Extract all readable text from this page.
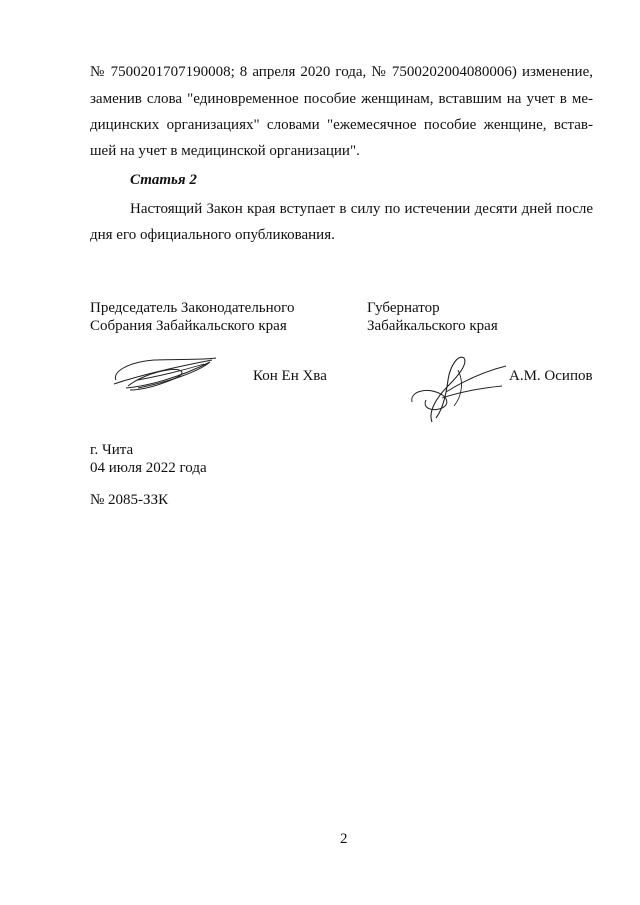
№ 7500201707190008; 8 апреля 2020 года, № 7500202004080006) изменение,
заменив слова "единовременное пособие женщинам, вставшим на учет в ме-
дицинских организациях" словами "ежемесячное пособие женщине, встав-
шей на учет в медицинской организации".
Статья 2
Настоящий Закон края вступает в силу по истечении десяти дней после
дня его официального опубликования.
Председатель Законодательного
Собрания Забайкальского края
Губернатор
Забайкальского края
Кон Ен Хва	А.М. Осипов
г. Чита
04 июля 2022 года
№ 2085-ЗЗК
2
